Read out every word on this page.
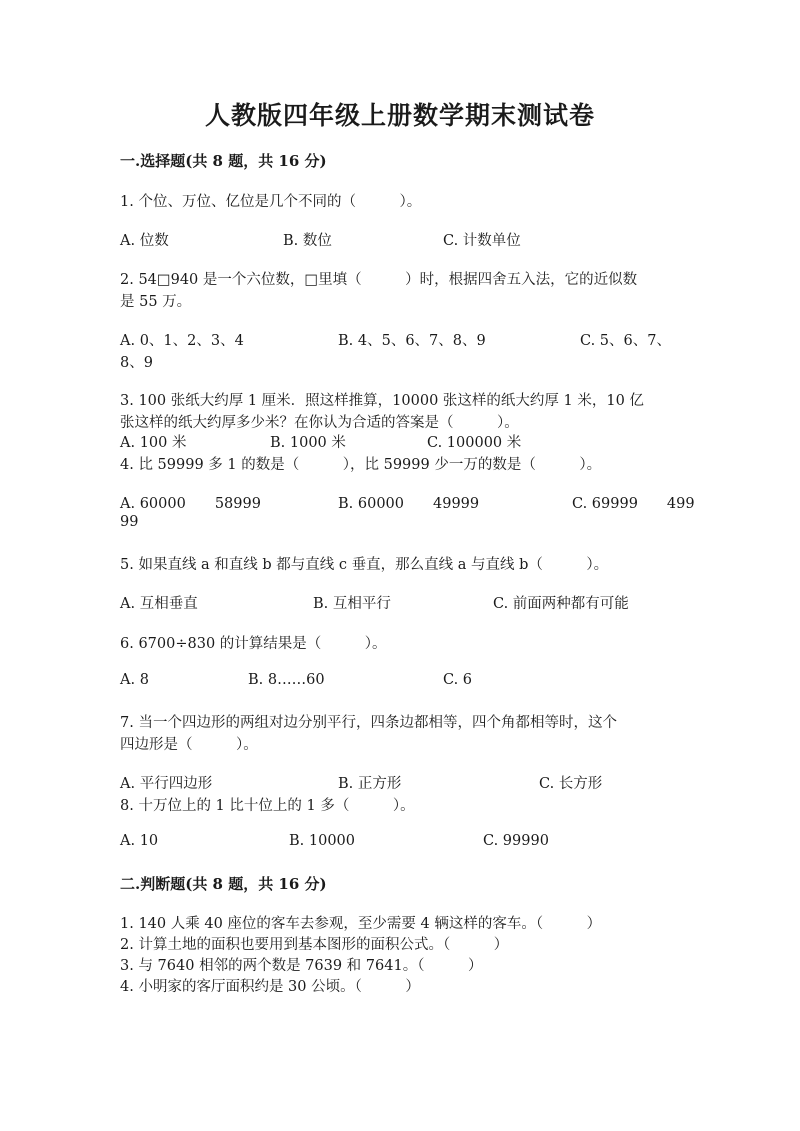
人教版四年级上册数学期末测试卷
一.选择题(共 8 题，共 16 分)
1. 个位、万位、亿位是几个不同的（　　　）。
A. 位数	B. 数位	C. 计数单位
2. 54□940 是一个六位数，□里填（　　　）时，根据四舍五入法，它的近似数
是 55 万。
A. 0、1、2、3、4	B. 4、5、6、7、8、9	C. 5、6、7、
8、9
3. 100 张纸大约厚 1 厘米．照这样推算，10000 张这样的纸大约厚 1 米，10 亿
张这样的纸大约厚多少米？在你认为合适的答案是（　　　）。
A. 100 米	B. 1000 米	C. 100000 米
4. 比 59999 多 1 的数是（　　　），比 59999 少一万的数是（　　　）。
A. 60000　　58999	B. 60000　　49999	C. 69999　　499
99
5. 如果直线 a 和直线 b 都与直线 c 垂直，那么直线 a 与直线 b（　　　）。
A. 互相垂直	B. 互相平行	C. 前面两种都有可能
6. 6700÷830 的计算结果是（　　　）。
A. 8	B. 8……60	C. 6
7. 当一个四边形的两组对边分别平行，四条边都相等，四个角都相等时，这个
四边形是（　　　）。
A. 平行四边形	B. 正方形	C. 长方形
8. 十万位上的 1 比十位上的 1 多（　　　）。
A. 10	B. 10000	C. 99990
二.判断题(共 8 题，共 16 分)
1. 140 人乘 40 座位的客车去参观，至少需要 4 辆这样的客车。（　　　）
2. 计算土地的面积也要用到基本图形的面积公式。（　　　）
3. 与 7640 相邻的两个数是 7639 和 7641。（　　　）
4. 小明家的客厅面积约是 30 公顷。（　　　）
